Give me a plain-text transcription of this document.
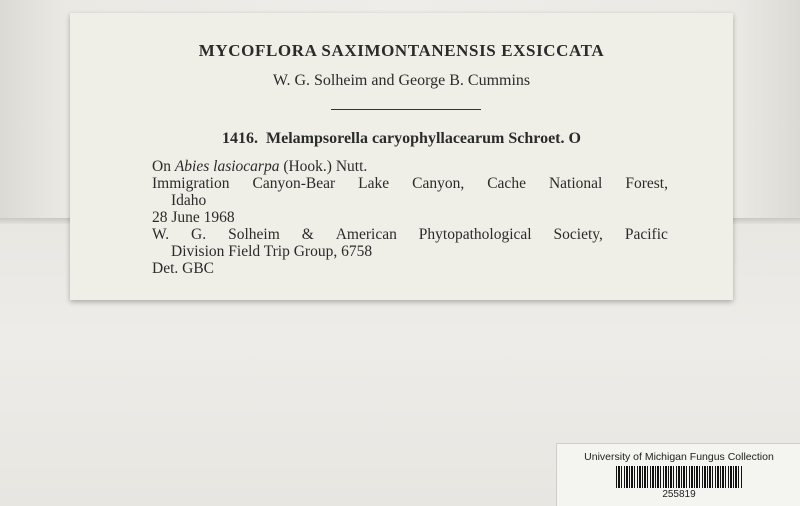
MYCOFLORA SAXIMONTANENSIS EXSICCATA
W. G. Solheim and George B. Cummins
1416. Melampsorella caryophyllacearum Schroet. O
On Abies lasiocarpa (Hook.) Nutt.
Immigration Canyon-Bear Lake Canyon, Cache National Forest,
Idaho
28 June 1968
W. G. Solheim & American Phytopathological Society, Pacific
Division Field Trip Group, 6758
Det. GBC
University of Michigan Fungus Collection
255819
